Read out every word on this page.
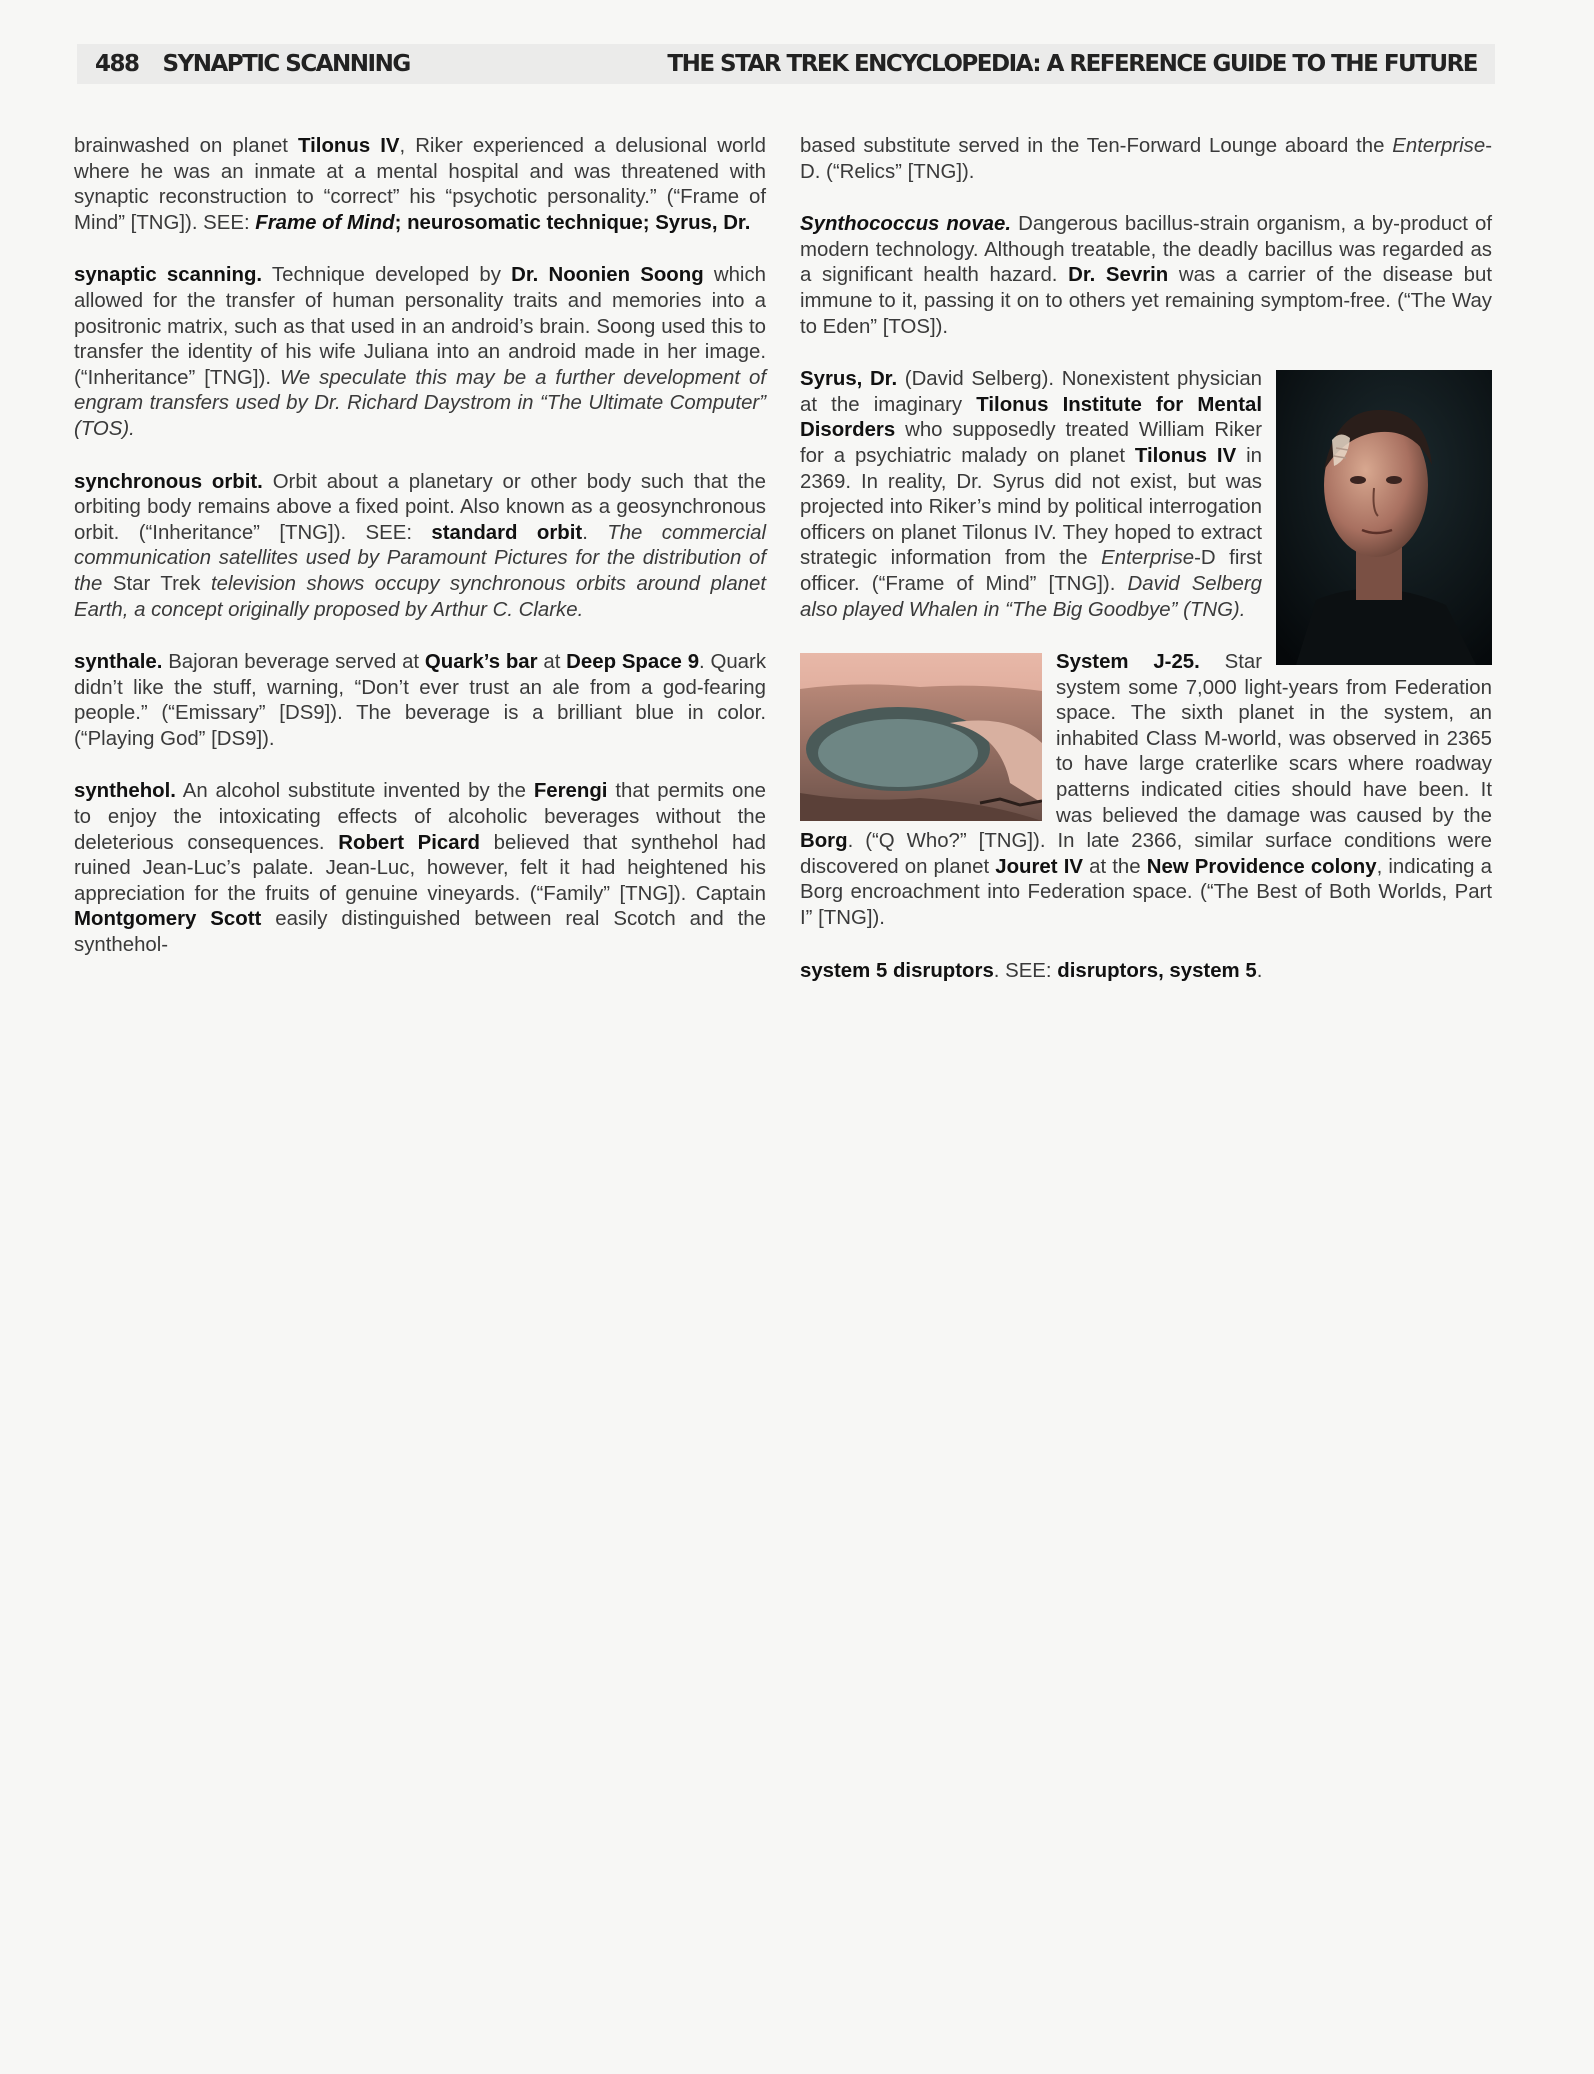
488 SYNAPTIC SCANNING	THE STAR TREK ENCYCLOPEDIA: A REFERENCE GUIDE TO THE FUTURE

brainwashed on planet Tilonus IV, Riker experienced a delusional world where he was an inmate at a mental hospital and was threatened with synaptic reconstruction to “correct” his “psychotic personality.” (“Frame of Mind” [TNG]). SEE: Frame of Mind; neurosomatic technique; Syrus, Dr.

synaptic scanning. Technique developed by Dr. Noonien Soong which allowed for the transfer of human personality traits and memories into a positronic matrix, such as that used in an android’s brain. Soong used this to transfer the identity of his wife Juliana into an android made in her image. (“Inheritance” [TNG]). We speculate this may be a further development of engram transfers used by Dr. Richard Daystrom in “The Ultimate Computer” (TOS).

synchronous orbit. Orbit about a planetary or other body such that the orbiting body remains above a fixed point. Also known as a geosynchronous orbit. (“Inheritance” [TNG]). SEE: standard orbit. The commercial communication satellites used by Paramount Pictures for the distribution of the Star Trek television shows occupy synchronous orbits around planet Earth, a concept originally proposed by Arthur C. Clarke.

synthale. Bajoran beverage served at Quark’s bar at Deep Space 9. Quark didn’t like the stuff, warning, “Don’t ever trust an ale from a god-fearing people.” (“Emissary” [DS9]). The beverage is a brilliant blue in color. (“Playing God” [DS9]).

synthehol. An alcohol substitute invented by the Ferengi that permits one to enjoy the intoxicating effects of alcoholic beverages without the deleterious consequences. Robert Picard believed that synthehol had ruined Jean-Luc’s palate. Jean-Luc, however, felt it had heightened his appreciation for the fruits of genuine vineyards. (“Family” [TNG]). Captain Montgomery Scott easily distinguished between real Scotch and the synthehol-

based substitute served in the Ten-Forward Lounge aboard the Enterprise-D. (“Relics” [TNG]).

Synthococcus novae. Dangerous bacillus-strain organism, a by-product of modern technology. Although treatable, the deadly bacillus was regarded as a significant health hazard. Dr. Sevrin was a carrier of the disease but immune to it, passing it on to others yet remaining symptom-free. (“The Way to Eden” [TOS]).

Syrus, Dr. (David Selberg). Nonexistent physician at the imaginary Tilonus Institute for Mental Disorders who supposedly treated William Riker for a psychiatric malady on planet Tilonus IV in 2369. In reality, Dr. Syrus did not exist, but was projected into Riker’s mind by political interrogation officers on planet Tilonus IV. They hoped to extract strategic information from the Enterprise-D first officer. (“Frame of Mind” [TNG]). David Selberg also played Whalen in “The Big Goodbye” (TNG).

System J-25. Star system some 7,000 light-years from Federation space. The sixth planet in the system, an inhabited Class M-world, was observed in 2365 to have large craterlike scars where roadway patterns indicated cities should have been. It was believed the damage was caused by the Borg. (“Q Who?” [TNG]). In late 2366, similar surface conditions were discovered on planet Jouret IV at the New Providence colony, indicating a Borg encroachment into Federation space. (“The Best of Both Worlds, Part I” [TNG]).

system 5 disruptors. SEE: disruptors, system 5.
